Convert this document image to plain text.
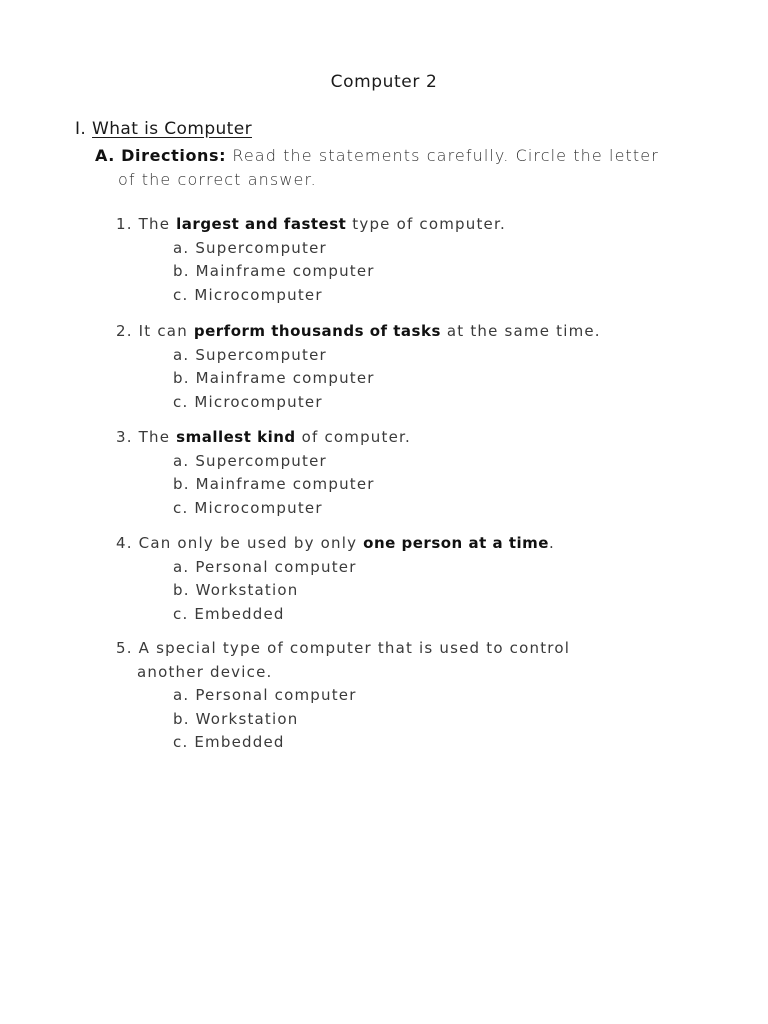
Computer 2
I. What is Computer
A. Directions: Read the statements carefully. Circle the letter
of the correct answer.
1. The largest and fastest type of computer.
a. Supercomputer
b. Mainframe computer
c. Microcomputer
2. It can perform thousands of tasks at the same time.
a. Supercomputer
b. Mainframe computer
c. Microcomputer
3. The smallest kind of computer.
a. Supercomputer
b. Mainframe computer
c. Microcomputer
4. Can only be used by only one person at a time.
a. Personal computer
b. Workstation
c. Embedded
5. A special type of computer that is used to control
another device.
a. Personal computer
b. Workstation
c. Embedded
